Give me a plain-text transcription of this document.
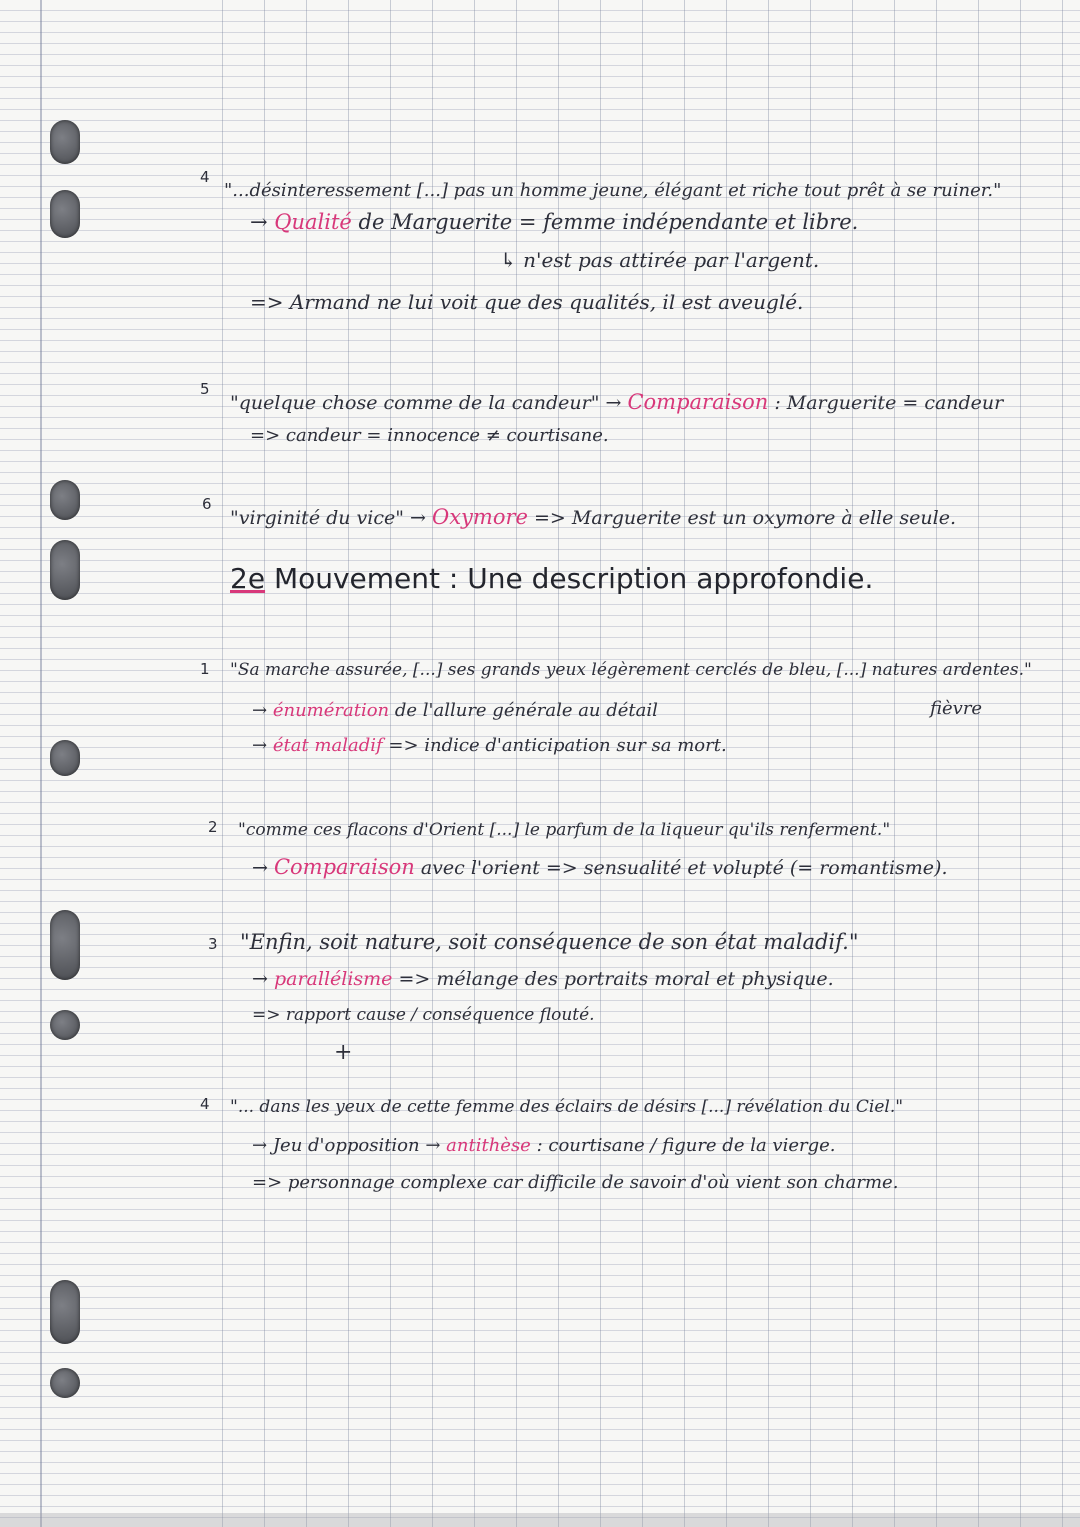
4
"...désinteressement [...] pas un homme jeune, élégant et riche tout prêt à se ruiner."
→ Qualité de Marguerite = femme indépendante et libre.
↳ n'est pas attirée par l'argent.
=> Armand ne lui voit que des qualités, il est aveuglé.
5
"quelque chose comme de la candeur" → Comparaison : Marguerite = candeur
=> candeur = innocence ≠ courtisane.
6
"virginité du vice" → Oxymore => Marguerite est un oxymore à elle seule.
2e Mouvement : Une description approfondie.
1 "Sa marche assurée, [...] ses grands yeux légèrement cerclés de bleu, [...] natures ardentes."
→ énumération de l'allure générale au détail	fièvre
→ état maladif => indice d'anticipation sur sa mort.
2 "comme ces flacons d'Orient [...] le parfum de la liqueur qu'ils renferment."
→ Comparaison avec l'orient => sensualité et volupté (= romantisme).
3 "Enfin, soit nature, soit conséquence de son état maladif."
→ parallélisme => mélange des portraits moral et physique.
=> rapport cause / conséquence flouté.
+
4 "... dans les yeux de cette femme des éclairs de désirs [...] révélation du Ciel."
→ Jeu d'opposition → antithèse : courtisane / figure de la vierge.
=> personnage complexe car difficile de savoir d'où vient son charme.
